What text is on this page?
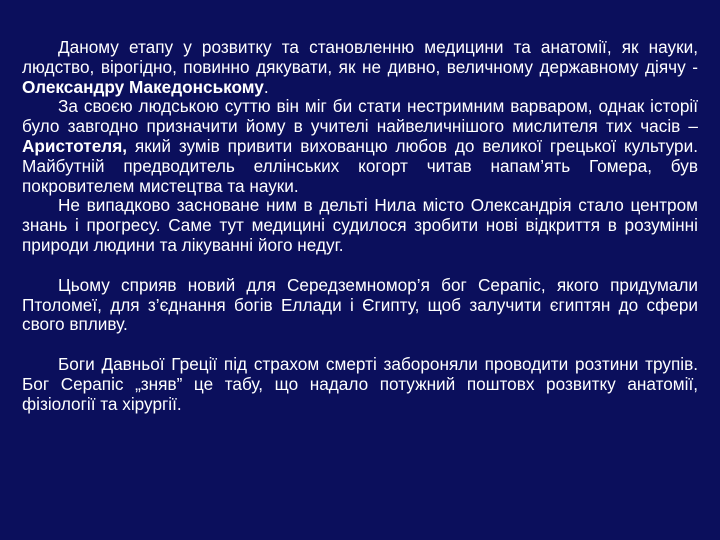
Даному етапу у розвитку та становленню медицини та анатомії, як науки, людство, вірогідно, повинно дякувати, як не дивно, величному державному діячу - Олександру Македонському.

За своєю людською суттю він міг би стати нестримним варваром, однак історії було завгодно призначити йому в учителі найвеличнішого мислителя тих часів – Аристотеля, який зумів привити вихованцю любов до великої грецької культури. Майбутній предводитель еллінських когорт читав напам’ять Гомера, був покровителем мистецтва та науки.

Не випадково засноване ним в дельті Нила місто Олександрія стало центром знань і прогресу. Саме тут медицині судилося зробити нові відкриття в розумінні природи людини та лікуванні його недуг.

Цьому сприяв новий для Середземномор’я бог Серапіс, якого придумали Птоломеї, для з’єднання богів Еллади і Єгипту, щоб залучити єгиптян до сфери свого впливу.

Боги Давньої Греції під страхом смерті забороняли проводити розтини трупів. Бог Серапіс „зняв” це табу, що надало потужний поштовх розвитку анатомії, фізіології та хірургії.
